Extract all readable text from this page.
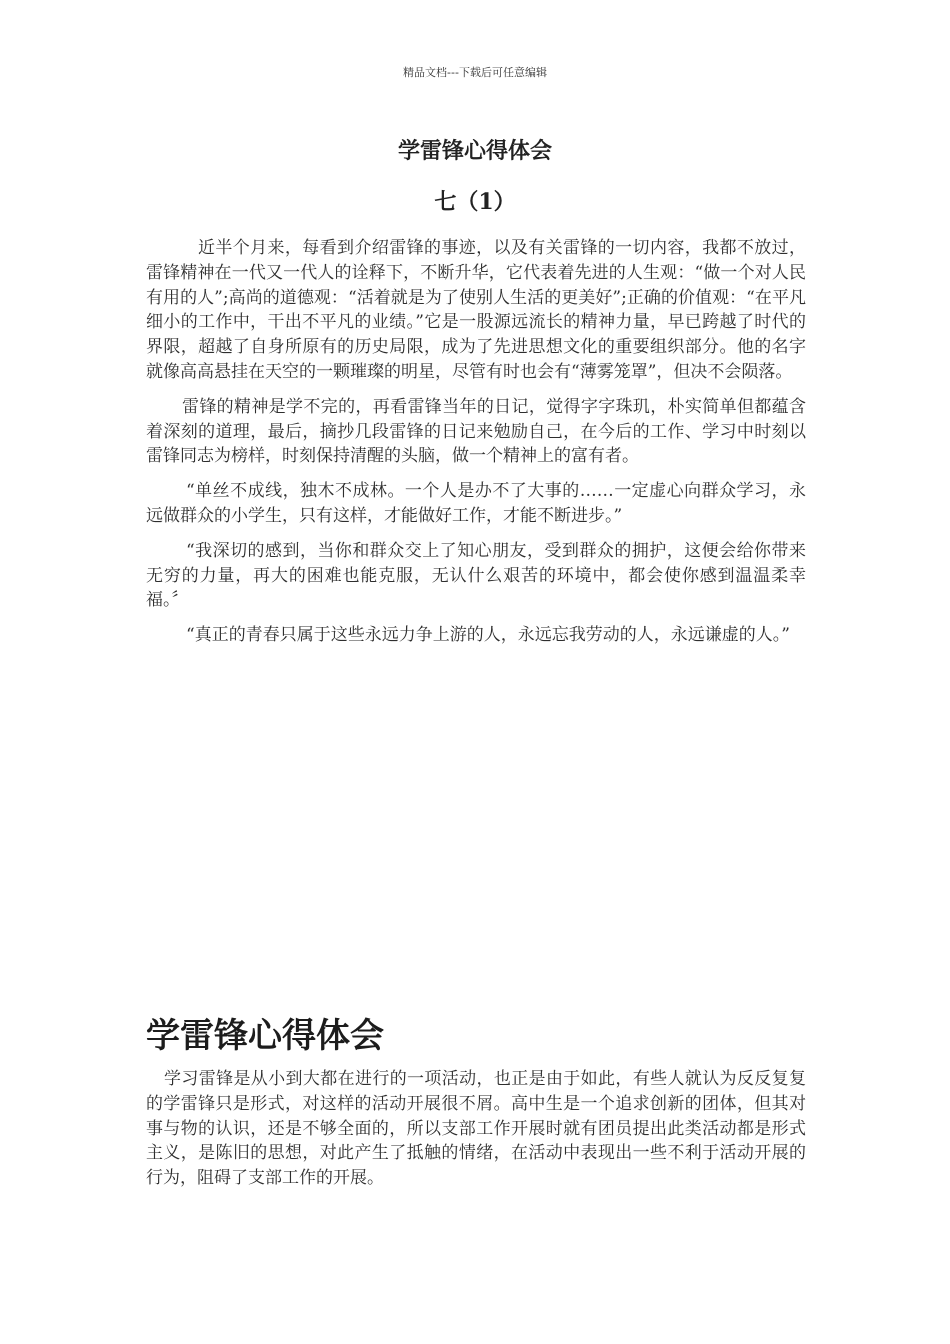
精品文档---下载后可任意编辑
学雷锋心得体会
七（1）

近半个月来，每看到介绍雷锋的事迹，以及有关雷锋的一切内容，我都不放过，雷锋精神在一代又一代人的诠释下，不断升华，它代表着先进的人生观：“做一个对人民有用的人”;高尚的道德观：“活着就是为了使别人生活的更美好”;正确的价值观：“在平凡细小的工作中，干出不平凡的业绩。”它是一股源远流长的精神力量，早已跨越了时代的界限，超越了自身所原有的历史局限，成为了先进思想文化的重要组织部分。他的名字就像高高悬挂在天空的一颗璀璨的明星，尽管有时也会有“薄雾笼罩”，但决不会陨落。

雷锋的精神是学不完的，再看雷锋当年的日记，觉得字字珠玑，朴实简单但都蕴含着深刻的道理，最后，摘抄几段雷锋的日记来勉励自己，在今后的工作、学习中时刻以雷锋同志为榜样，时刻保持清醒的头脑，做一个精神上的富有者。

“单丝不成线，独木不成林。一个人是办不了大事的……一定虚心向群众学习，永远做群众的小学生，只有这样，才能做好工作，才能不断进步。”

“我深切的感到，当你和群众交上了知心朋友，受到群众的拥护，这便会给你带来无穷的力量，再大的困难也能克服，无认什么艰苦的环境中，都会使你感到温温柔幸福。〞

“真正的青春只属于这些永远力争上游的人，永远忘我劳动的人，永远谦虚的人。”

学雷锋心得体会

学习雷锋是从小到大都在进行的一项活动，也正是由于如此，有些人就认为反反复复的学雷锋只是形式，对这样的活动开展很不屑。高中生是一个追求创新的团体，但其对事与物的认识，还是不够全面的，所以支部工作开展时就有团员提出此类活动都是形式主义，是陈旧的思想，对此产生了抵触的情绪，在活动中表现出一些不利于活动开展的行为，阻碍了支部工作的开展。
